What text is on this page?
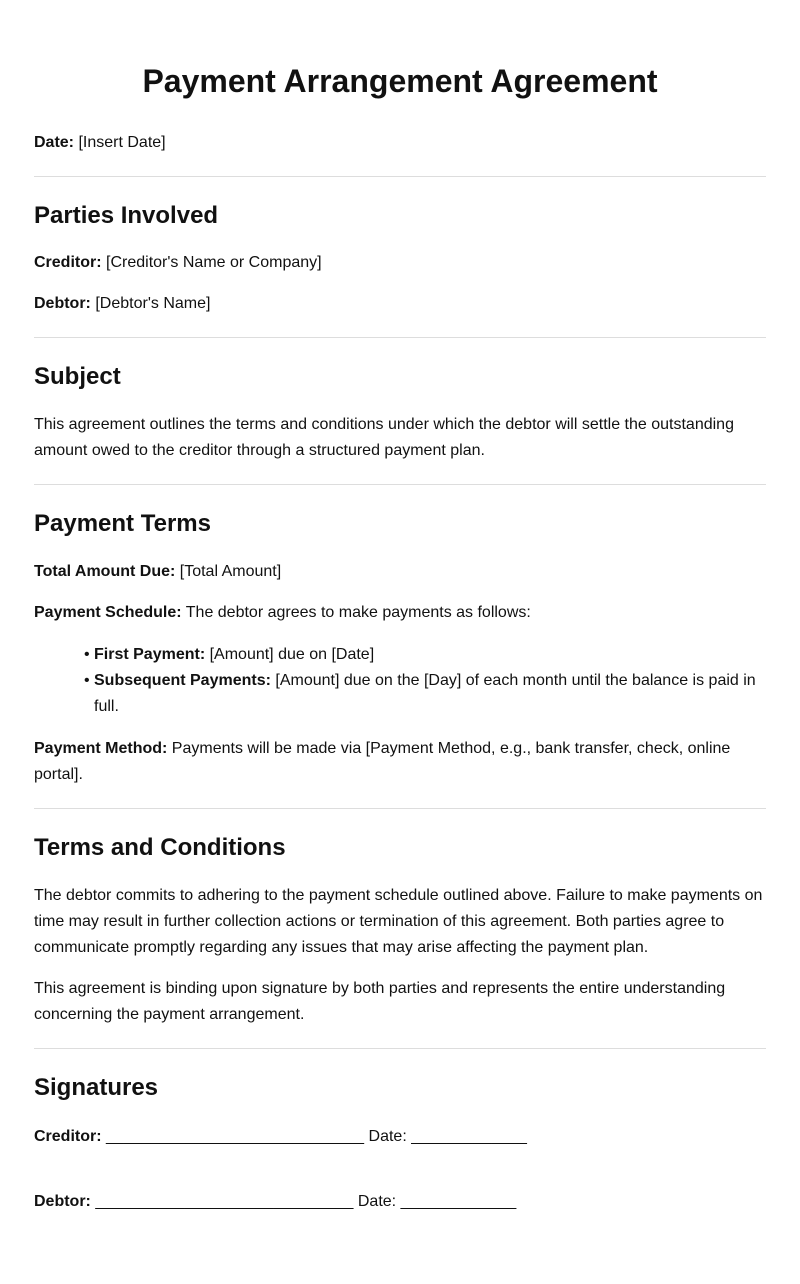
Payment Arrangement Agreement

Date: [Insert Date]

Parties Involved

Creditor: [Creditor's Name or Company]

Debtor: [Debtor's Name]

Subject

This agreement outlines the terms and conditions under which the debtor will settle the outstanding amount owed to the creditor through a structured payment plan.

Payment Terms

Total Amount Due: [Total Amount]

Payment Schedule: The debtor agrees to make payments as follows:

• First Payment: [Amount] due on [Date]
• Subsequent Payments: [Amount] due on the [Day] of each month until the balance is paid in full.

Payment Method: Payments will be made via [Payment Method, e.g., bank transfer, check, online portal].

Terms and Conditions

The debtor commits to adhering to the payment schedule outlined above. Failure to make payments on time may result in further collection actions or termination of this agreement. Both parties agree to communicate promptly regarding any issues that may arise affecting the payment plan.

This agreement is binding upon signature by both parties and represents the entire understanding concerning the payment arrangement.

Signatures

Creditor: _____________________________ Date: _____________

Debtor: _____________________________ Date: _____________
